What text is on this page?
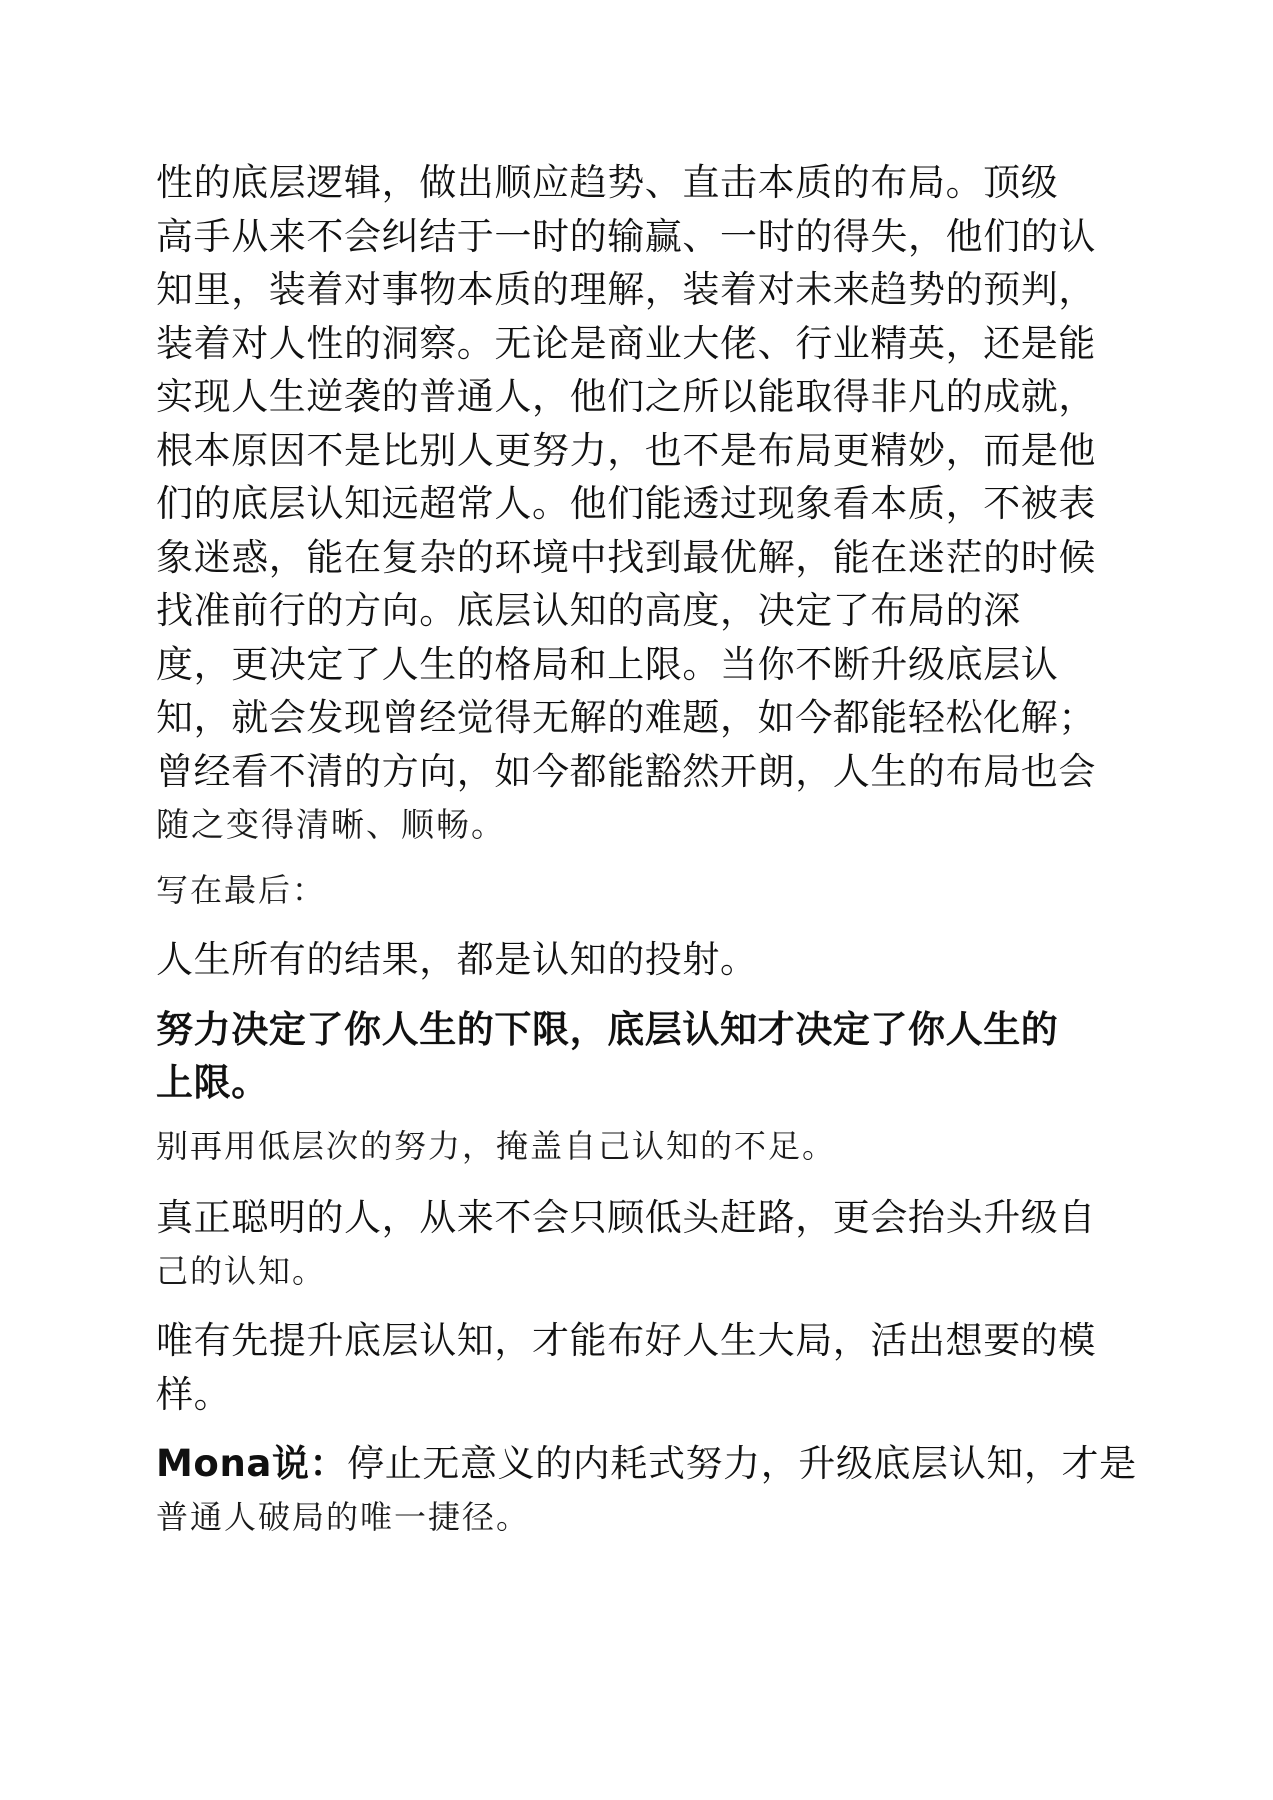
性的底层逻辑，做出顺应趋势、直击本质的布局。顶级
高手从来不会纠结于一时的输赢、一时的得失，他们的认
知里，装着对事物本质的理解，装着对未来趋势的预判，
装着对人性的洞察。无论是商业大佬、行业精英，还是能
实现人生逆袭的普通人，他们之所以能取得非凡的成就，
根本原因不是比别人更努力，也不是布局更精妙，而是他
们的底层认知远超常人。他们能透过现象看本质，不被表
象迷惑，能在复杂的环境中找到最优解，能在迷茫的时候
找准前行的方向。底层认知的高度，决定了布局的深
度，更决定了人生的格局和上限。当你不断升级底层认
知，就会发现曾经觉得无解的难题，如今都能轻松化解；
曾经看不清的方向，如今都能豁然开朗，人生的布局也会
随之变得清晰、顺畅。
写在最后：
人生所有的结果，都是认知的投射。
努力决定了你人生的下限，底层认知才决定了你人生的
上限。
别再用低层次的努力，掩盖自己认知的不足。
真正聪明的人，从来不会只顾低头赶路，更会抬头升级自
己的认知。
唯有先提升底层认知，才能布好人生大局，活出想要的模
样。
Mona说：停止无意义的内耗式努力，升级底层认知，才是
普通人破局的唯一捷径。
